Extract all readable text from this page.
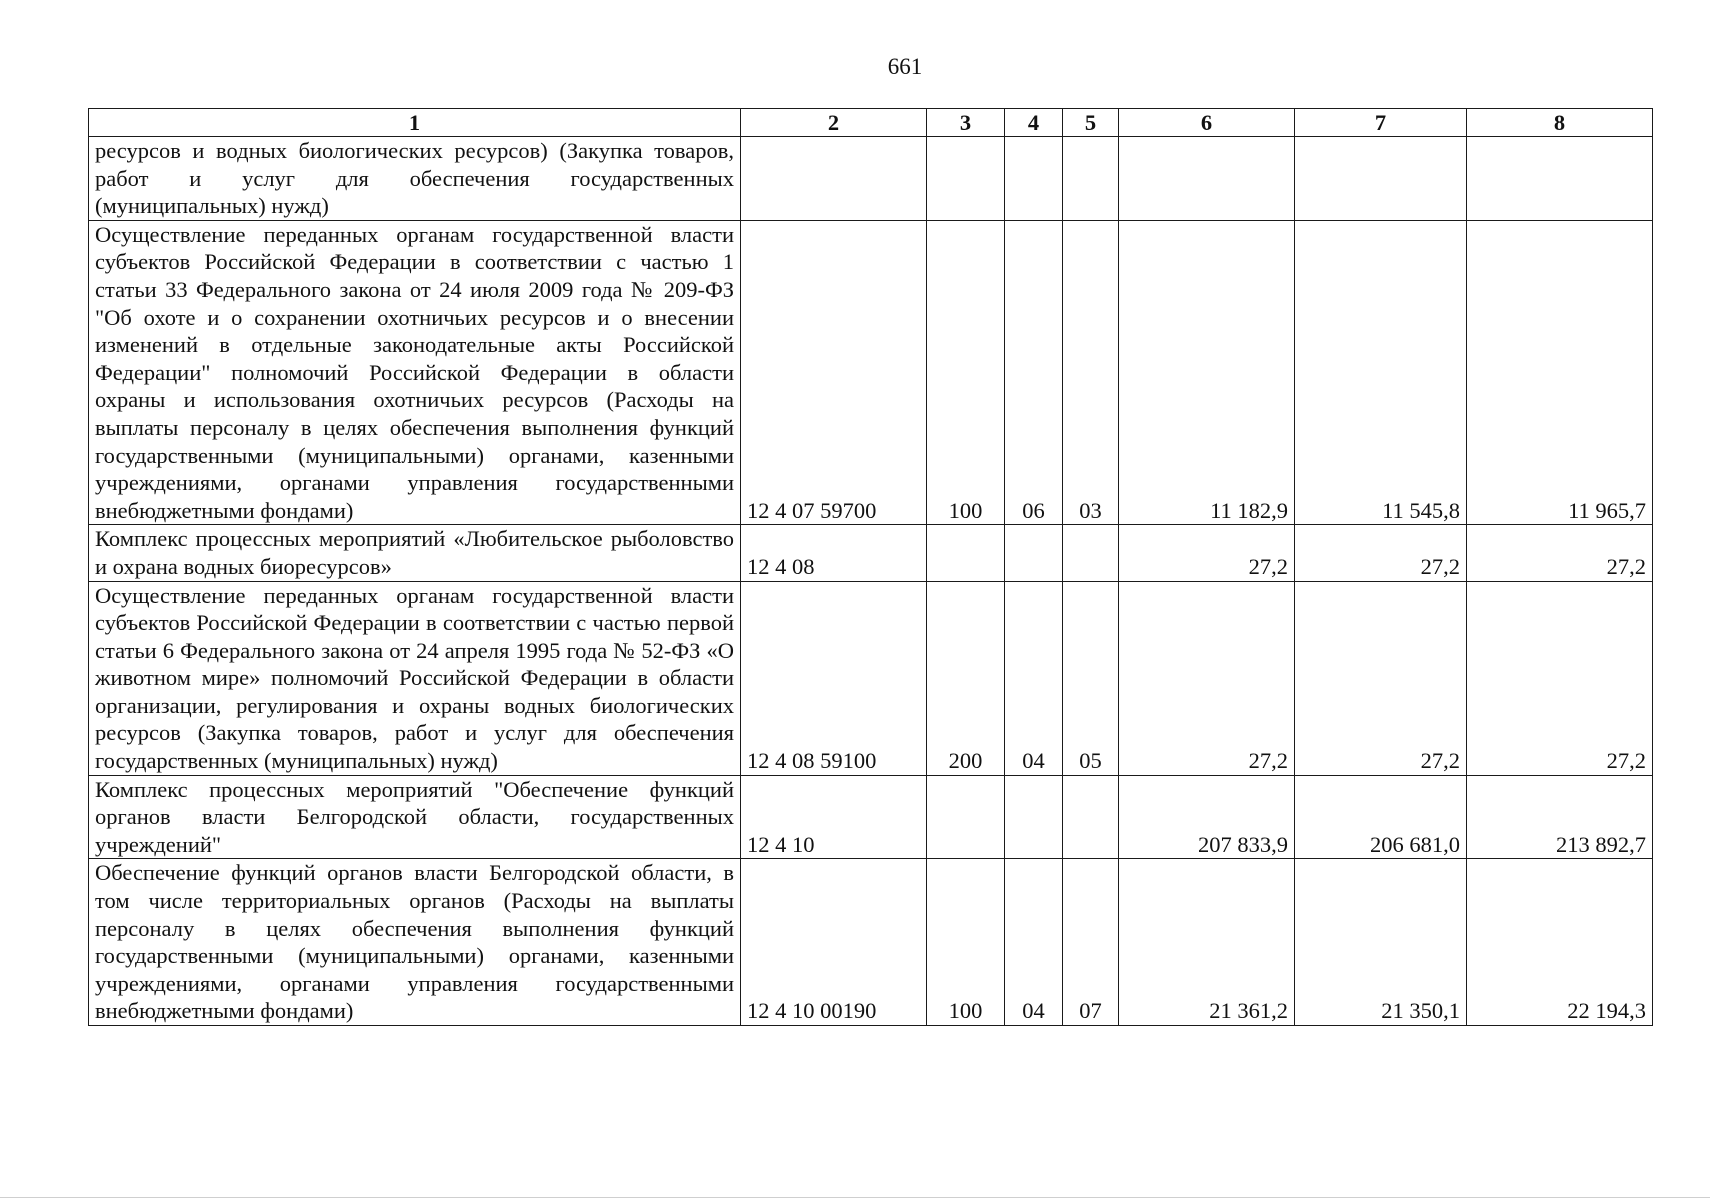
661
1	2	3	4	5	6	7	8
ресурсов и водных биологических ресурсов) (Закупка товаров, работ и услуг для обеспечения государственных (муниципальных) нужд)							
Осуществление переданных органам государственной власти субъектов Российской Федерации в соответствии с частью 1 статьи 33 Федерального закона от 24 июля 2009 года № 209-ФЗ "Об охоте и о сохранении охотничьих ресурсов и о внесении изменений в отдельные законодательные акты Российской Федерации" полномочий Российской Федерации в области охраны и использования охотничьих ресурсов (Расходы на выплаты персоналу в целях обеспечения выполнения функций государственными (муниципальными) органами, казенными учреждениями, органами управления государственными внебюджетными фондами)	12 4 07 59700	100	06	03	11 182,9	11 545,8	11 965,7
Комплекс процессных мероприятий «Любительское рыболовство и охрана водных биоресурсов»	12 4 08				27,2	27,2	27,2
Осуществление переданных органам государственной власти субъектов Российской Федерации в соответствии с частью первой статьи 6 Федерального закона от 24 апреля 1995 года № 52-ФЗ «О животном мире» полномочий Российской Федерации в области организации, регулирования и охраны водных биологических ресурсов (Закупка товаров, работ и услуг для обеспечения государственных (муниципальных) нужд)	12 4 08 59100	200	04	05	27,2	27,2	27,2
Комплекс процессных мероприятий "Обеспечение функций органов власти Белгородской области, государственных учреждений"	12 4 10				207 833,9	206 681,0	213 892,7
Обеспечение функций органов власти Белгородской области, в том числе территориальных органов (Расходы на выплаты персоналу в целях обеспечения выполнения функций государственными (муниципальными) органами, казенными учреждениями, органами управления государственными внебюджетными фондами)	12 4 10 00190	100	04	07	21 361,2	21 350,1	22 194,3
